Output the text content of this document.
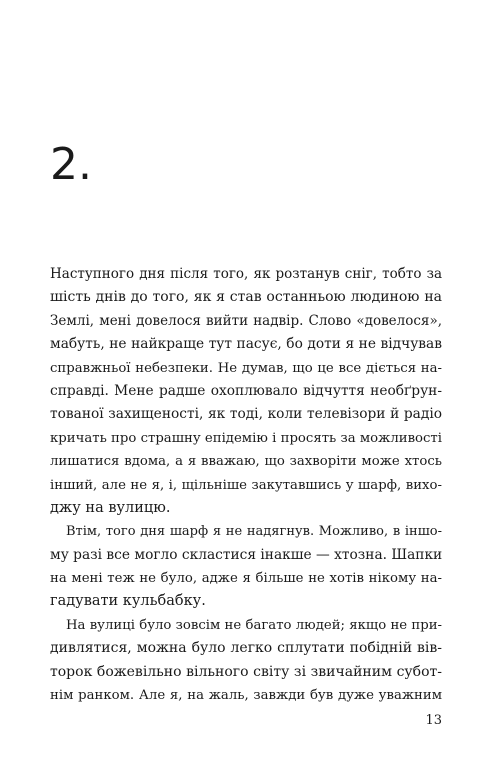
2.
Наступного дня після того, як розтанув сніг, тобто за
шість днів до того, як я став останньою людиною на
Землі, мені довелося вийти надвір. Слово «довелося»,
мабуть, не найкраще тут пасує, бо доти я не відчував
справжньої небезпеки. Не думав, що це все діється на-
справді. Мене радше охоплювало відчуття необґрун-
тованої захищеності, як тоді, коли телевізори й радіо
кричать про страшну епідемію і просять за можливості
лишатися вдома, а я вважаю, що захворіти може хтось
інший, але не я, і, щільніше закутавшись у шарф, вихо-
джу на вулицю.
Втім, того дня шарф я не надягнув. Можливо, в іншо-
му разі все могло скластися інакше — хтозна. Шапки
на мені теж не було, адже я більше не хотів нікому на-
гадувати кульбабку.
На вулиці було зовсім не багато людей; якщо не при-
дивлятися, можна було легко сплутати побідній вів-
торок божевільно вільного світу зі звичайним субот-
нім ранком. Але я, на жаль, завжди був дуже уважним
13
